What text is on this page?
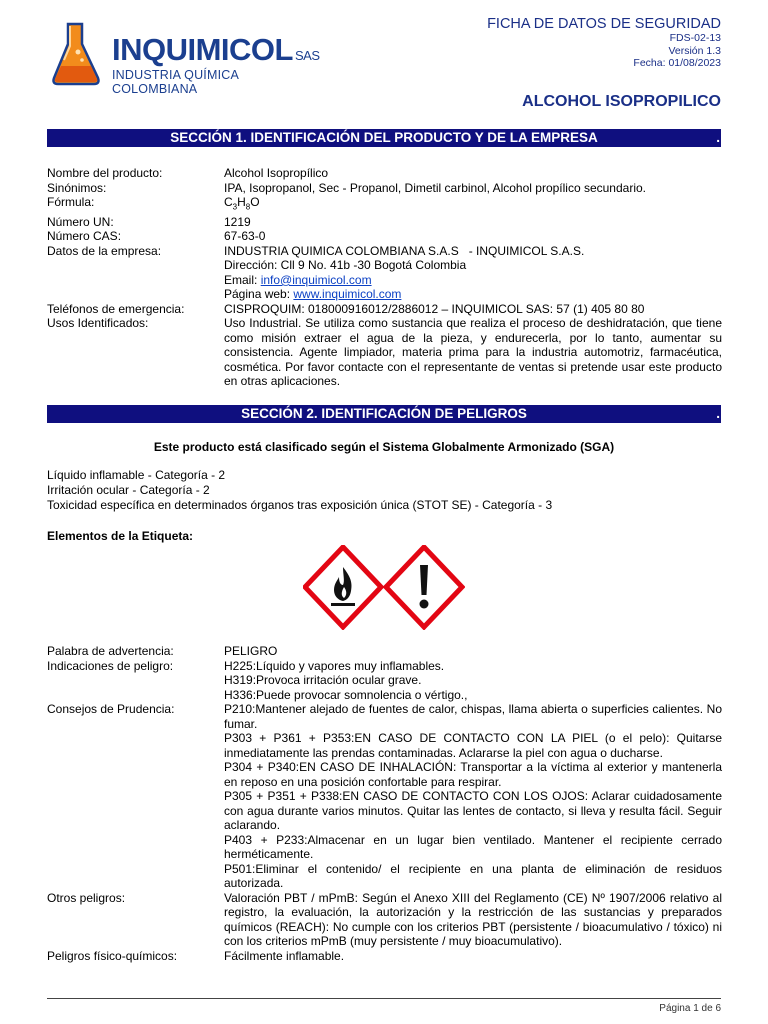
INQUIMICOL SAS
INDUSTRIA QUÍMICA COLOMBIANA
FICHA DE DATOS DE SEGURIDAD
FDS-02-13
Versión 1.3
Fecha: 01/08/2023
ALCOHOL ISOPROPILICO
SECCIÓN 1. IDENTIFICACIÓN DEL PRODUCTO Y DE LA EMPRESA	.
Nombre del producto:	Alcohol Isopropílico
Sinónimos:	IPA, Isopropanol, Sec - Propanol, Dimetil carbinol, Alcohol propílico secundario.
Fórmula:	$C_3H_8O$
Número UN:	1219
Número CAS:	67-63-0
Datos de la empresa:	INDUSTRIA QUIMICA COLOMBIANA S.A.S   - INQUIMICOL S.A.S.
Dirección: Cll 9 No. 41b -30 Bogotá Colombia
Email: info@inquimicol.com
Página web: www.inquimicol.com
Teléfonos de emergencia:	CISPROQUIM: 018000916012/2886012 – INQUIMICOL SAS: 57 (1) 405 80 80
Usos Identificados:	Uso Industrial. Se utiliza como sustancia que realiza el proceso de deshidratación, que tiene como misión extraer el agua de la pieza, y endurecerla, por lo tanto, aumentar su consistencia. Agente limpiador, materia prima para la industria automotriz, farmacéutica, cosmética. Por favor contacte con el representante de ventas si pretende usar este producto en otras aplicaciones.
SECCIÓN 2. IDENTIFICACIÓN DE PELIGROS	.
Este producto está clasificado según el Sistema Globalmente Armonizado (SGA)
Líquido inflamable - Categoría - 2
Irritación ocular - Categoría - 2
Toxicidad específica en determinados órganos tras exposición única (STOT SE) - Categoría - 3
Elementos de la Etiqueta:
Palabra de advertencia:	PELIGRO
Indicaciones de peligro:	H225:Líquido y vapores muy inflamables.
H319:Provoca irritación ocular grave.
H336:Puede provocar somnolencia o vértigo.,
Consejos de Prudencia:	P210:Mantener alejado de fuentes de calor, chispas, llama abierta o superficies calientes. No fumar.
P303 + P361 + P353:EN CASO DE CONTACTO CON LA PIEL (o el pelo): Quitarse inmediatamente las prendas contaminadas. Aclararse la piel con agua o ducharse.
P304 + P340:EN CASO DE INHALACIÓN: Transportar a la víctima al exterior y mantenerla en reposo en una posición confortable para respirar.
P305 + P351 + P338:EN CASO DE CONTACTO CON LOS OJOS: Aclarar cuidadosamente con agua durante varios minutos. Quitar las lentes de contacto, si lleva y resulta fácil. Seguir aclarando.
P403 + P233:Almacenar en un lugar bien ventilado. Mantener el recipiente cerrado herméticamente.
P501:Eliminar el contenido/ el recipiente en una planta de eliminación de residuos autorizada.
Otros peligros:	Valoración PBT / mPmB: Según el Anexo XIII del Reglamento (CE) Nº 1907/2006 relativo al registro, la evaluación, la autorización y la restricción de las sustancias y preparados químicos (REACH): No cumple con los criterios PBT (persistente / bioacumulativo / tóxico) ni con los criterios mPmB (muy persistente / muy bioacumulativo).
Peligros físico-químicos:	Fácilmente inflamable.
Página 1 de 6
